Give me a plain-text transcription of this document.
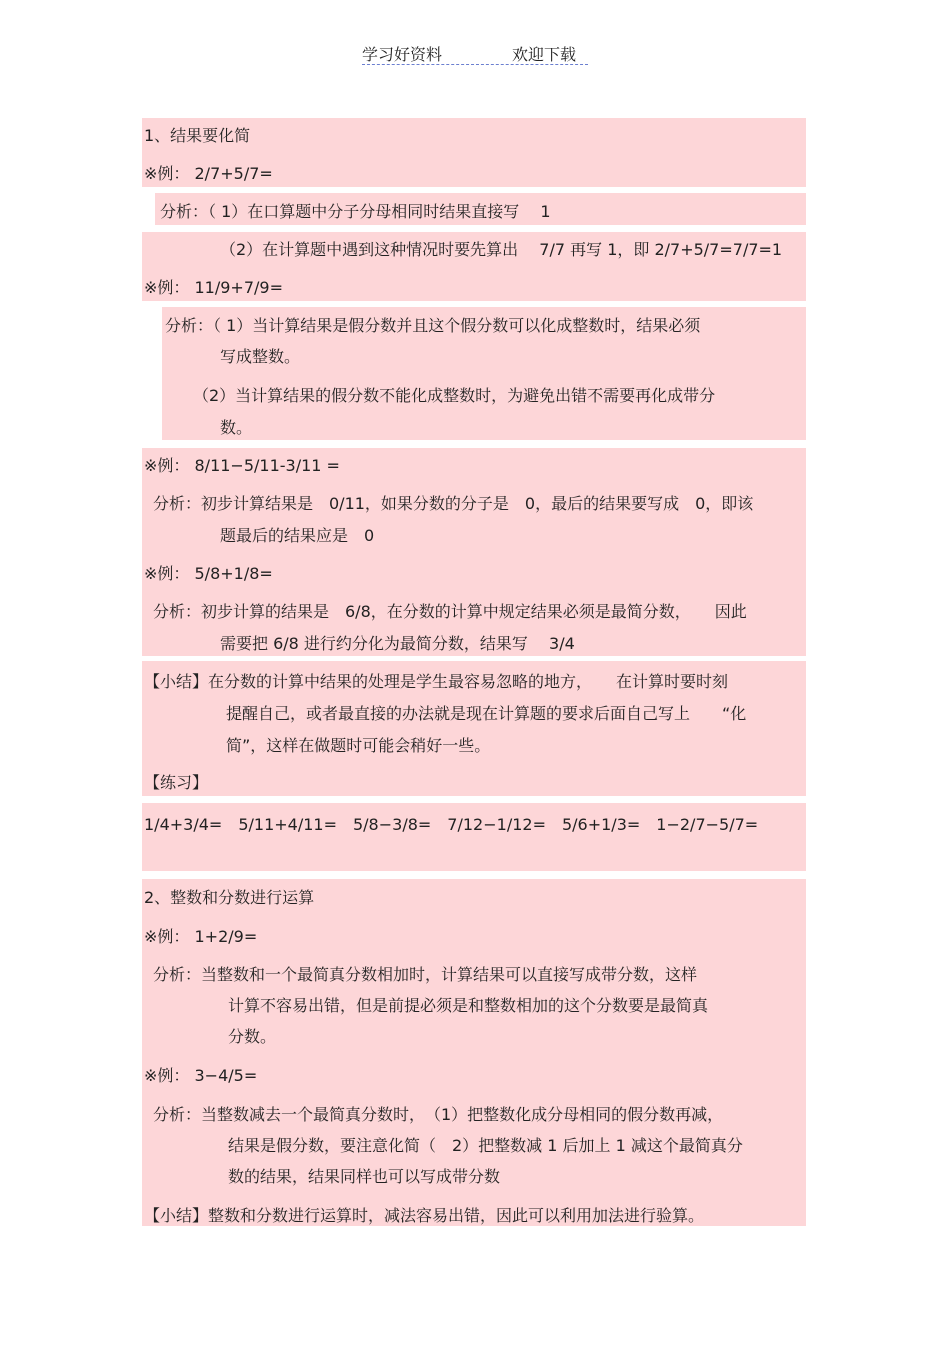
学习好资料	欢迎下载
1、结果要化简
※例： 2/7+5/7=
分析：（ 1）在口算题中分子分母相同时结果直接写　 1
（2）在计算题中遇到这种情况时要先算出　 7/7 再写 1，即 2/7+5/7=7/7=1
※例： 11/9+7/9=
分析：（ 1）当计算结果是假分数并且这个假分数可以化成整数时，结果必须
写成整数。
（2）当计算结果的假分数不能化成整数时，为避免出错不需要再化成带分
数。
※例： 8/11−5/11-3/11 =
分析：初步计算结果是　0/11，如果分数的分子是　0，最后的结果要写成　0，即该
题最后的结果应是　0
※例： 5/8+1/8=
分析：初步计算的结果是　6/8，在分数的计算中规定结果必须是最简分数，　　因此
需要把 6/8 进行约分化为最简分数，结果写　 3/4
【小结】在分数的计算中结果的处理是学生最容易忽略的地方，　　在计算时要时刻
提醒自己，或者最直接的办法就是现在计算题的要求后面自己写上　　“化
简”，这样在做题时可能会稍好一些。
【练习】
1/4+3/4=　5/11+4/11=　5/8−3/8=　7/12−1/12=　5/6+1/3=　1−2/7−5/7=
2、整数和分数进行运算
※例： 1+2/9=
分析：当整数和一个最简真分数相加时，计算结果可以直接写成带分数，这样
计算不容易出错，但是前提必须是和整数相加的这个分数要是最简真
分数。
※例： 3−4/5=
分析：当整数减去一个最简真分数时，　（1）把整数化成分母相同的假分数再减，
结果是假分数，要注意化简（　2）把整数减 1 后加上 1 减这个最简真分
数的结果，结果同样也可以写成带分数
【小结】整数和分数进行运算时，减法容易出错，因此可以利用加法进行验算。
